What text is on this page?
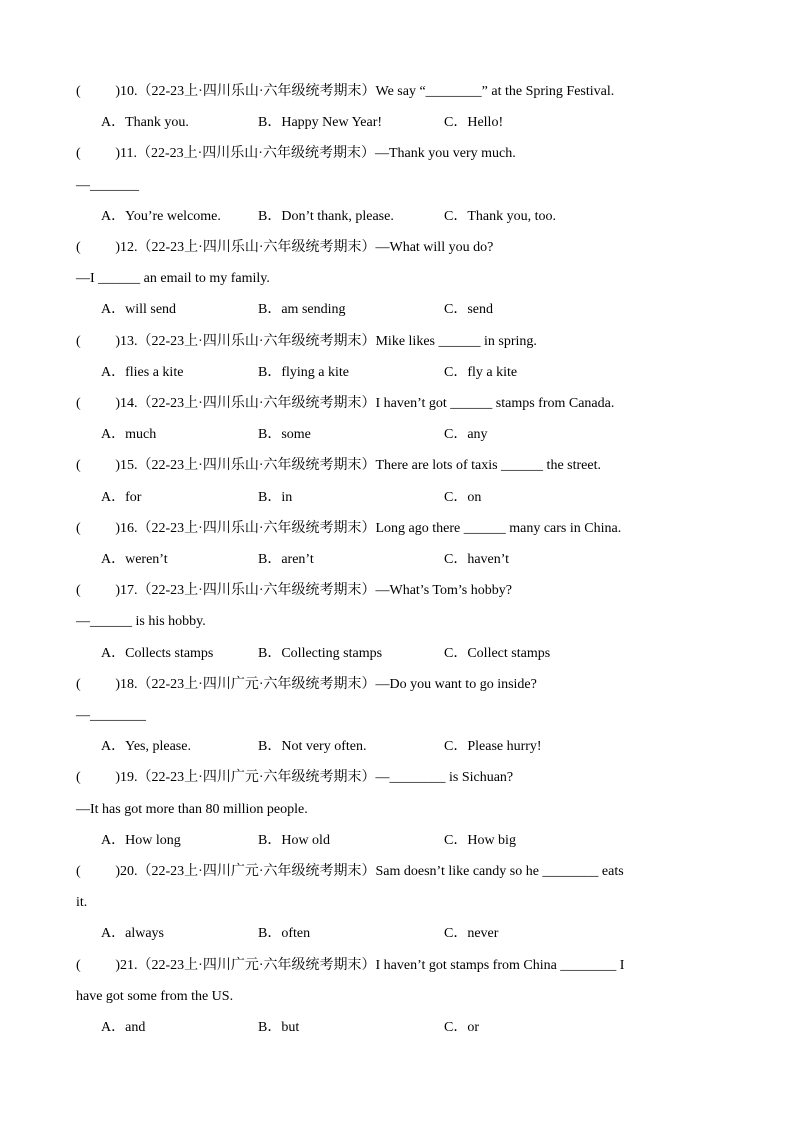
( ) 10.（22-23上·四川乐山·六年级统考期末）We say “________” at the Spring Festival.
A．Thank you.	B．Happy New Year!	C．Hello!
( ) 11.（22-23上·四川乐山·六年级统考期末）—Thank you very much.
—_______
A．You’re welcome.	B．Don’t thank, please.	C．Thank you, too.
( ) 12.（22-23上·四川乐山·六年级统考期末）—What will you do?
—I ______ an email to my family.
A．will send	B．am sending	C．send
( ) 13.（22-23上·四川乐山·六年级统考期末）Mike likes ______ in spring.
A．flies a kite	B．flying a kite	C．fly a kite
( ) 14.（22-23上·四川乐山·六年级统考期末）I haven’t got ______ stamps from Canada.
A．much	B．some	C．any
( ) 15.（22-23上·四川乐山·六年级统考期末）There are lots of taxis ______ the street.
A．for	B．in	C．on
( ) 16.（22-23上·四川乐山·六年级统考期末）Long ago there ______ many cars in China.
A．weren’t	B．aren’t	C．haven’t
( ) 17.（22-23上·四川乐山·六年级统考期末）—What’s Tom’s hobby?
—______ is his hobby.
A．Collects stamps	B．Collecting stamps	C．Collect stamps
( ) 18.（22-23上·四川广元·六年级统考期末）—Do you want to go inside?
—________
A．Yes, please.	B．Not very often.	C．Please hurry!
( ) 19.（22-23上·四川广元·六年级统考期末）—________ is Sichuan?
—It has got more than 80 million people.
A．How long	B．How old	C．How big
( ) 20.（22-23上·四川广元·六年级统考期末）Sam doesn’t like candy so he ________ eats
it.
A．always	B．often	C．never
( ) 21.（22-23上·四川广元·六年级统考期末）I haven’t got stamps from China ________ I
have got some from the US.
A．and	B．but	C．or
